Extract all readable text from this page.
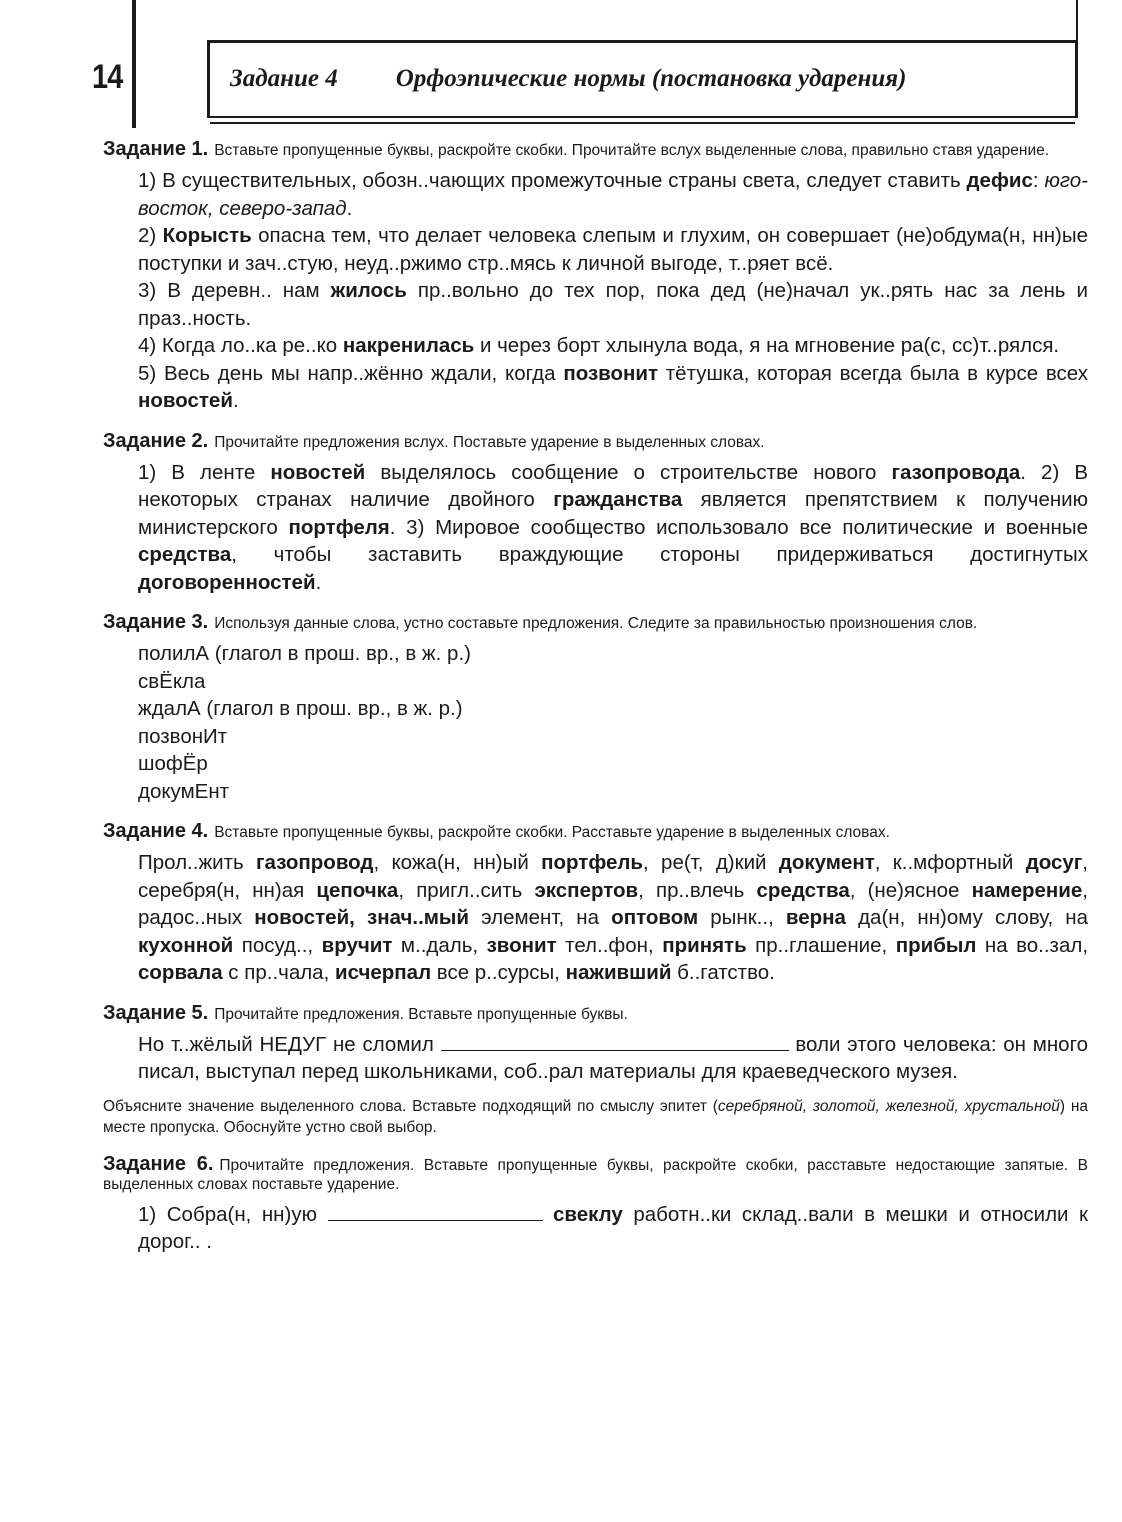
14	Задание 4 Орфоэпические нормы (постановка ударения)

Задание 1. Вставьте пропущенные буквы, раскройте скобки. Прочитайте вслух выделенные слова, правильно ставя ударение.

1) В существительных, обозн..чающих промежуточные страны света, следует ставить дефис: юго-восток, северо-запад.

2) Корысть опасна тем, что делает человека слепым и глухим, он совершает (не)обдума(н, нн)ые поступки и зач..стую, неуд..ржимо стр..мясь к личной выгоде, т..ряет всё.

3) В деревн.. нам жилось пр..вольно до тех пор, пока дед (не)начал ук..рять нас за лень и праз..ность.

4) Когда ло..ка ре..ко накренилась и через борт хлынула вода, я на мгновение ра(с, сс)т..рялся.

5) Весь день мы напр..жённо ждали, когда позвонит тётушка, которая всегда была в курсе всех новостей.

Задание 2. Прочитайте предложения вслух. Поставьте ударение в выделенных словах.

1) В ленте новостей выделялось сообщение о строительстве нового газопровода. 2) В некоторых странах наличие двойного гражданства является препятствием к получению министерского портфеля. 3) Мировое сообщество использовало все политические и военные средства, чтобы заставить враждующие стороны придерживаться достигнутых договоренностей.

Задание 3. Используя данные слова, устно составьте предложения. Следите за правильностью произношения слов.

полилА (глагол в прош. вр., в ж. р.)

свЁкла

ждалА (глагол в прош. вр., в ж. р.)

позвонИт

шофЁр

докумЕнт

Задание 4. Вставьте пропущенные буквы, раскройте скобки. Расставьте ударение в выделенных словах.

Прол..жить газопровод, кожа(н, нн)ый портфель, ре(т, д)кий документ, к..мфортный досуг, серебря(н, нн)ая цепочка, пригл..сить экспертов, пр..влечь средства, (не)ясное намерение, радос..ных новостей, знач..мый элемент, на оптовом рынк.., верна да(н, нн)ому слову, на кухонной посуд.., вручит м..даль, звонит тел..фон, принять пр..глашение, прибыл на во..зал, сорвала с пр..чала, исчерпал все р..сурсы, наживший б..гатство.

Задание 5. Прочитайте предложения. Вставьте пропущенные буквы.

Но т..жёлый НЕДУГ не сломил	воли этого человека: он много писал, выступал перед школьниками, соб..рал материалы для краеведческого музея.

Объясните значение выделенного слова. Вставьте подходящий по смыслу эпитет (серебряной, золотой, железной, хрустальной) на месте пропуска. Обоснуйте устно свой выбор.

Задание 6. Прочитайте предложения. Вставьте пропущенные буквы, раскройте скобки, расставьте недостающие запятые. В выделенных словах поставьте ударение.

1) Собра(н, нн)ую	свеклу работн..ки склад..вали в мешки и относили к дорог.. .
